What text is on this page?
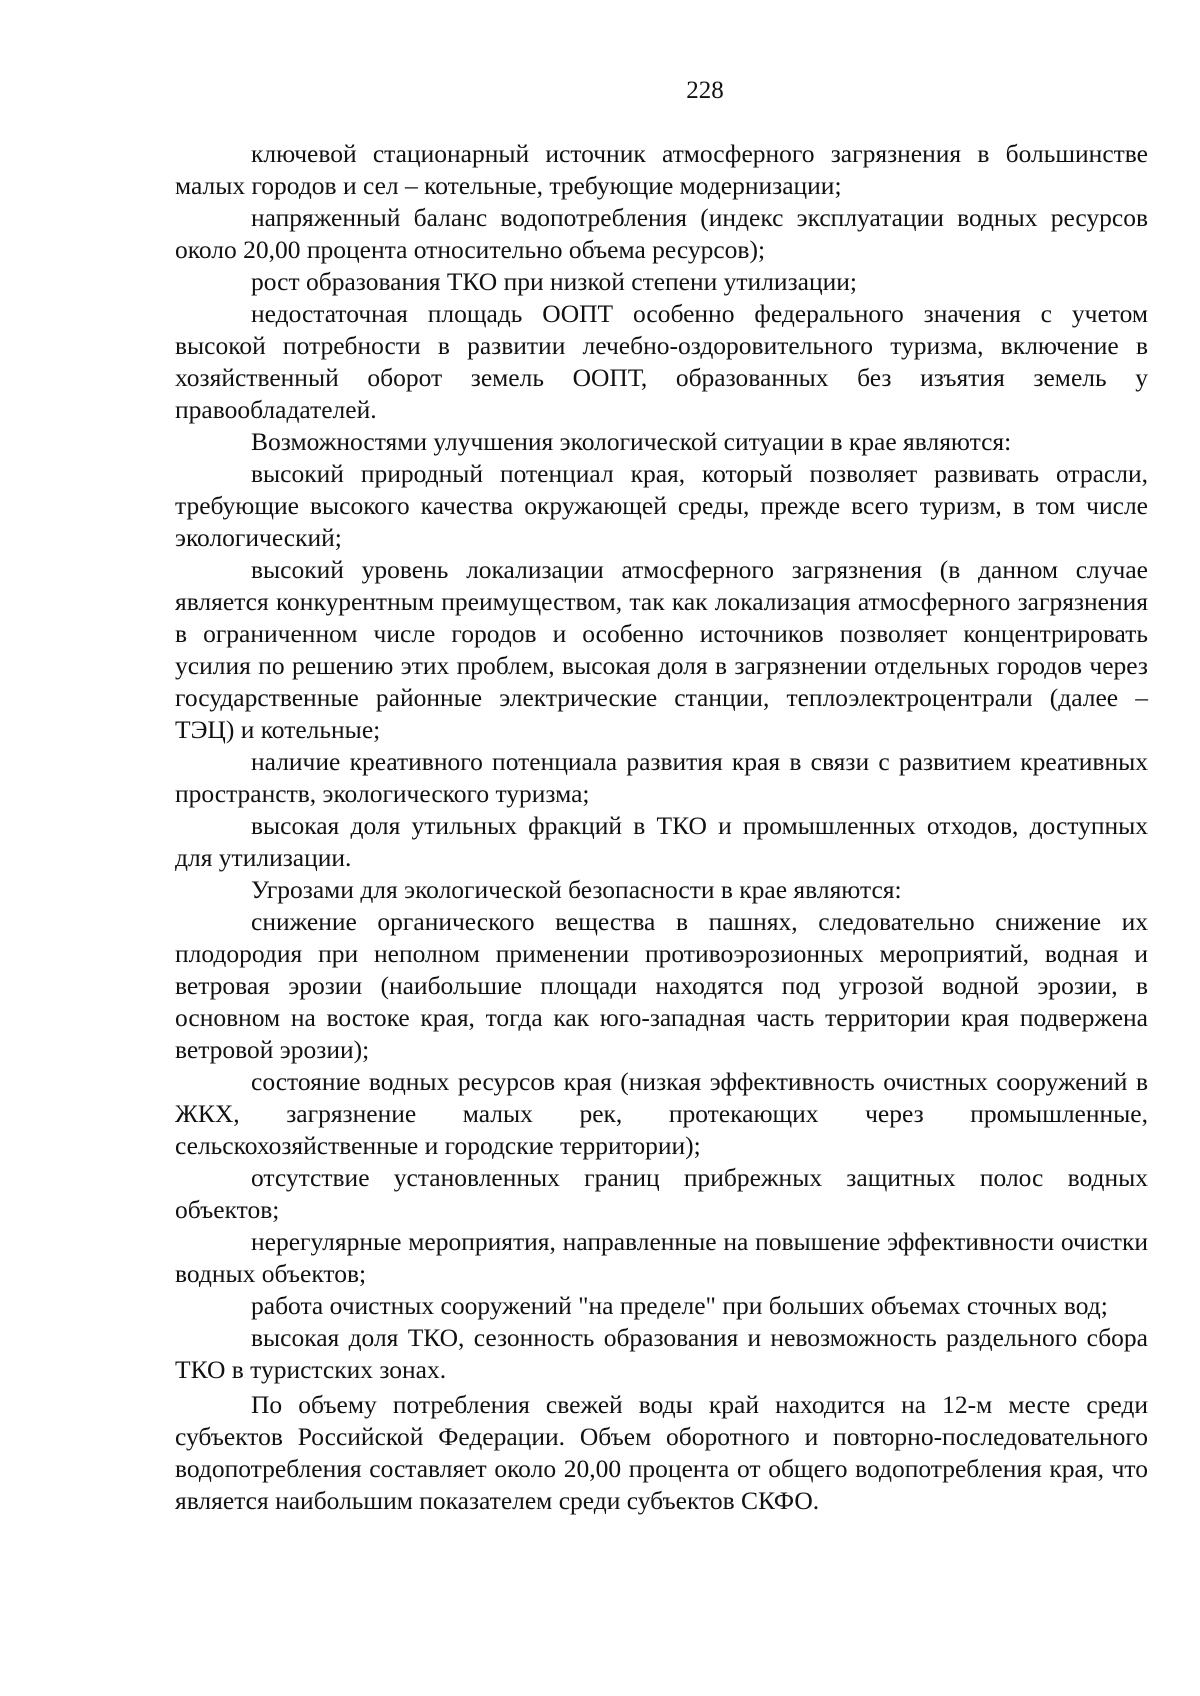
228

ключевой стационарный источник атмосферного загрязнения в большинстве малых городов и сел – котельные, требующие модернизации;

напряженный баланс водопотребления (индекс эксплуатации водных ресурсов около 20,00 процента относительно объема ресурсов);

рост образования ТКО при низкой степени утилизации;

недостаточная площадь ООПТ особенно федерального значения с учетом высокой потребности в развитии лечебно-оздоровительного туризма, включение в хозяйственный оборот земель ООПТ, образованных без изъятия земель у правообладателей.

Возможностями улучшения экологической ситуации в крае являются:

высокий природный потенциал края, который позволяет развивать отрасли, требующие высокого качества окружающей среды, прежде всего туризм, в том числе экологический;

высокий уровень локализации атмосферного загрязнения (в данном случае является конкурентным преимуществом, так как локализация атмосферного загрязнения в ограниченном числе городов и особенно источников позволяет концентрировать усилия по решению этих проблем, высокая доля в загрязнении отдельных городов через государственные районные электрические станции, теплоэлектроцентрали (далее – ТЭЦ) и котельные;

наличие креативного потенциала развития края в связи с развитием креативных пространств, экологического туризма;

высокая доля утильных фракций в ТКО и промышленных отходов, доступных для утилизации.

Угрозами для экологической безопасности в крае являются:

снижение органического вещества в пашнях, следовательно снижение их плодородия при неполном применении противоэрозионных мероприятий, водная и ветровая эрозии (наибольшие площади находятся под угрозой водной эрозии, в основном на востоке края, тогда как юго-западная часть территории края подвержена ветровой эрозии);

состояние водных ресурсов края (низкая эффективность очистных сооружений в ЖКХ, загрязнение малых рек, протекающих через промышленные, сельскохозяйственные и городские территории);

отсутствие установленных границ прибрежных защитных полос водных объектов;

нерегулярные мероприятия, направленные на повышение эффективности очистки водных объектов;

работа очистных сооружений "на пределе" при больших объемах сточных вод;

высокая доля ТКО, сезонность образования и невозможность раздельного сбора ТКО в туристских зонах.

По объему потребления свежей воды край находится на 12-м месте среди субъектов Российской Федерации. Объем оборотного и повторно-последовательного водопотребления составляет около 20,00 процента от общего водопотребления края, что является наибольшим показателем среди субъектов СКФО.
